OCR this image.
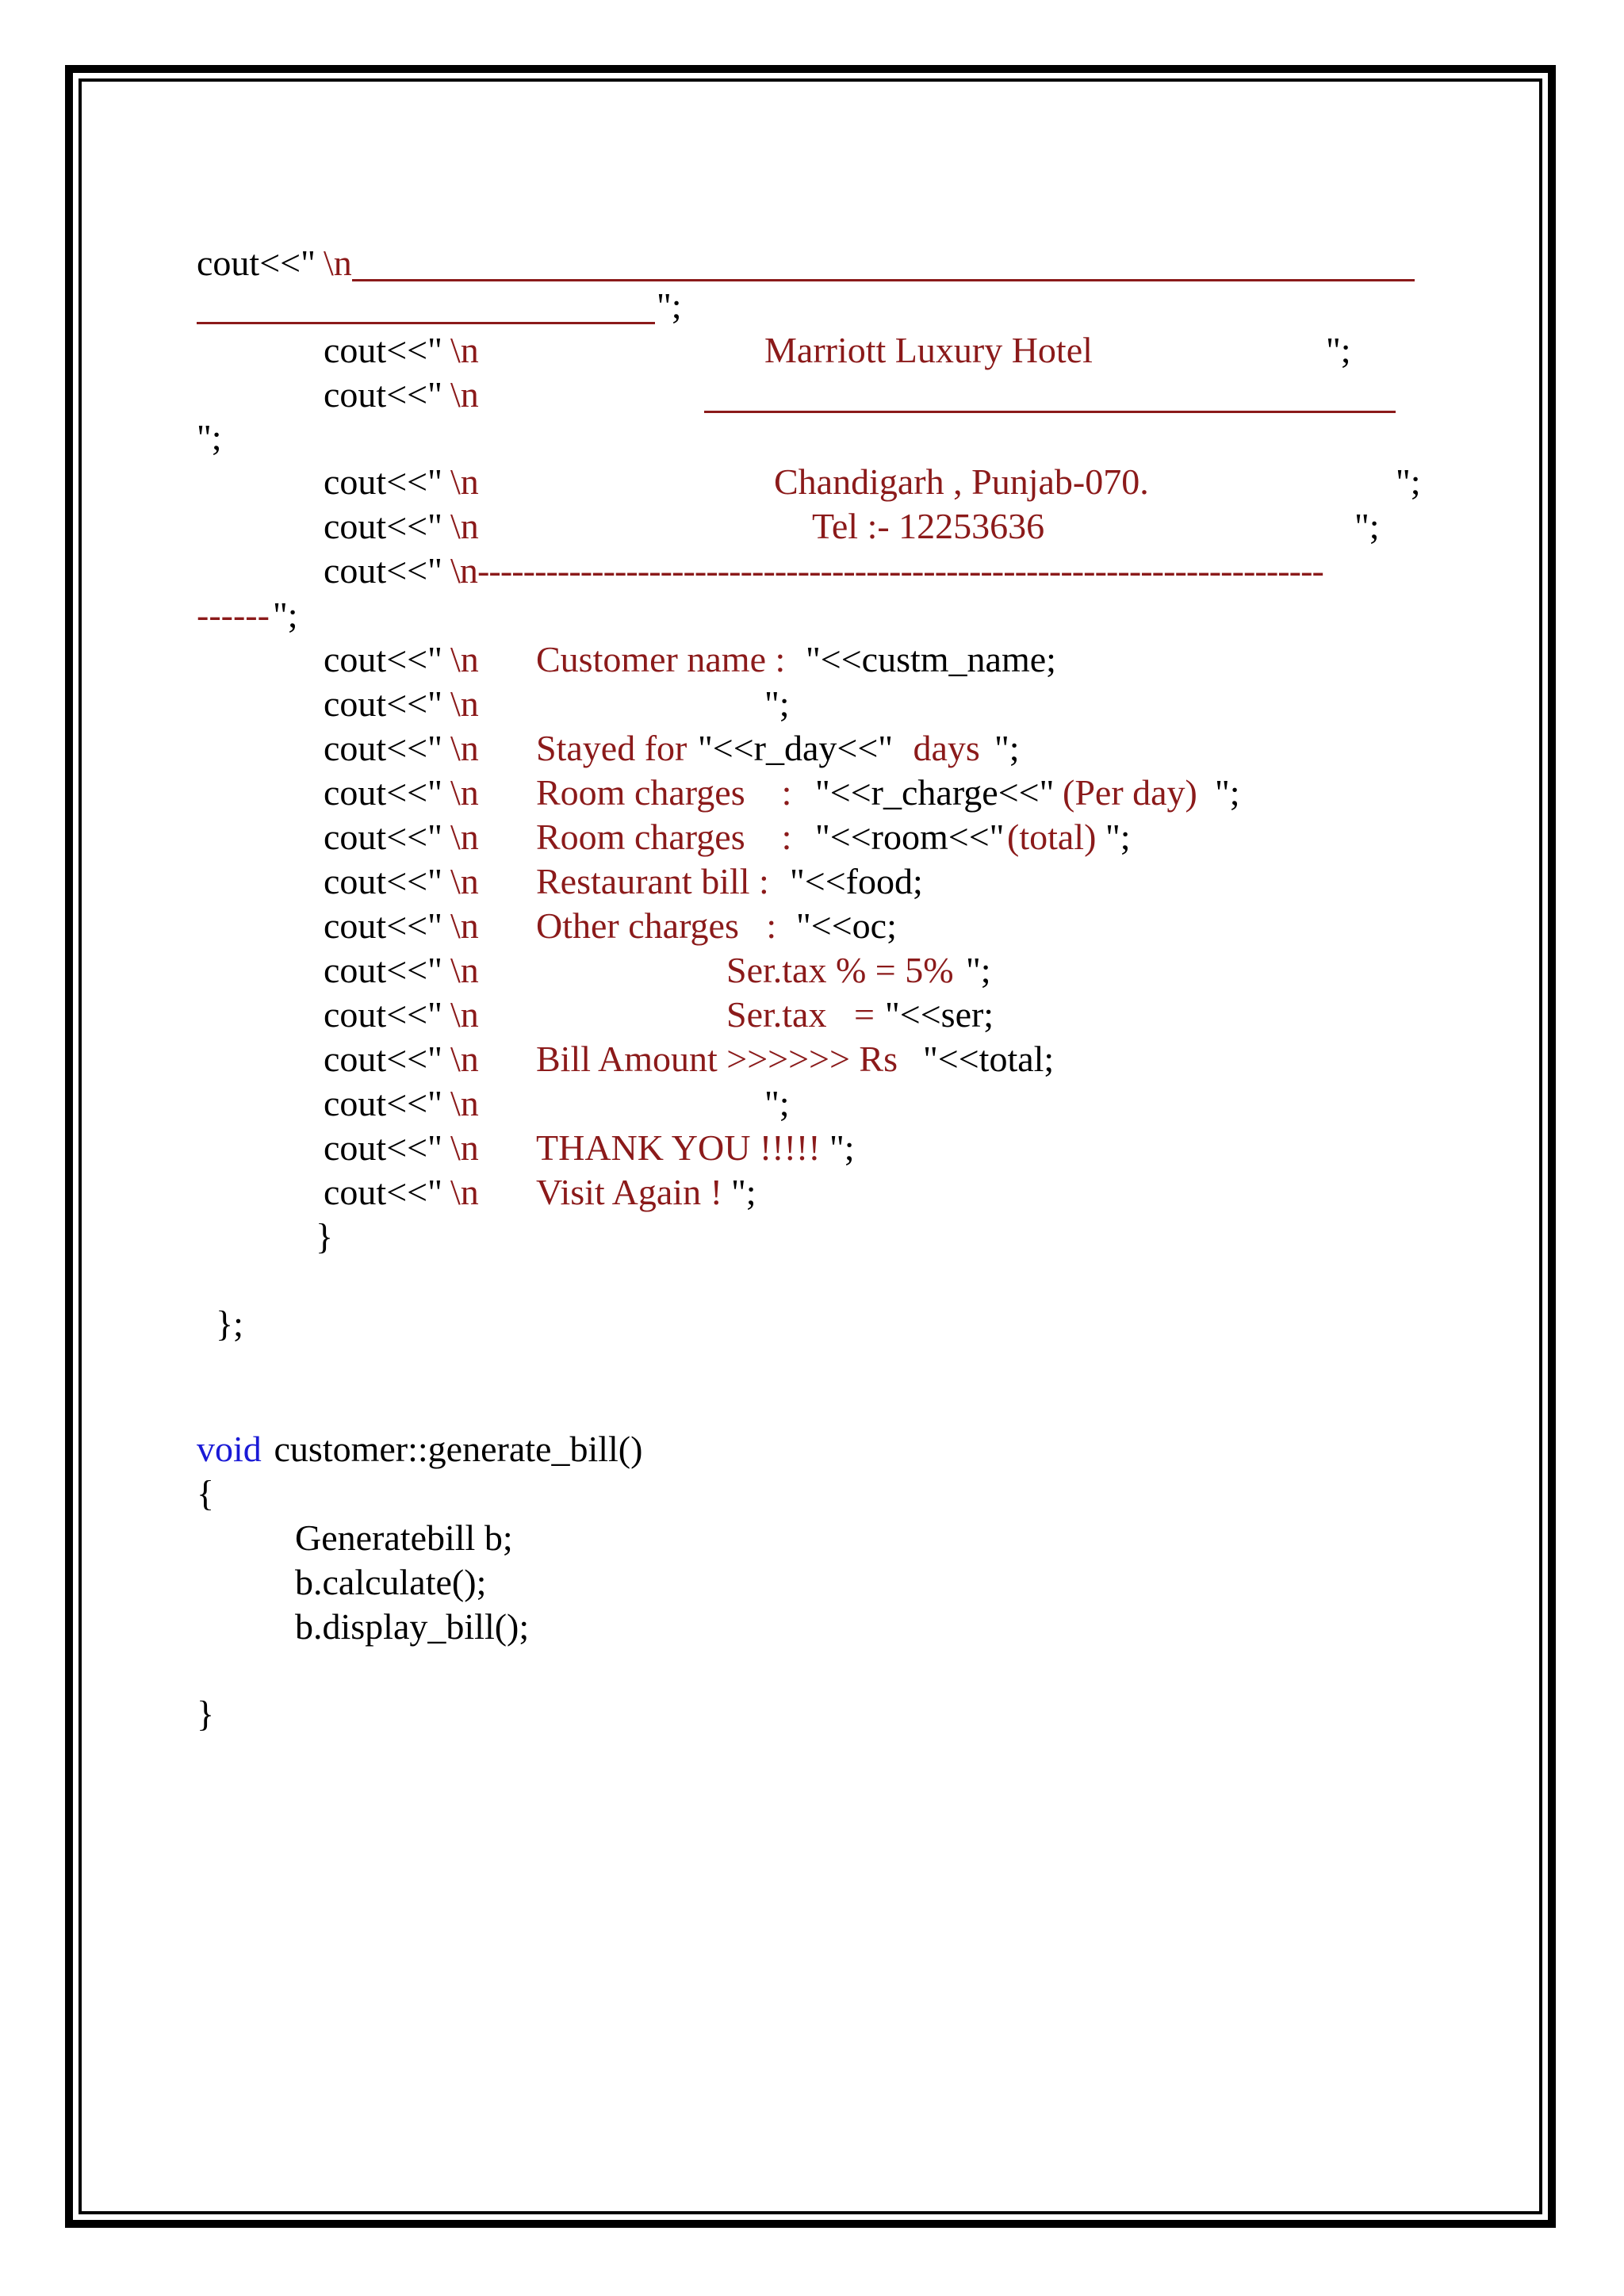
cout<<"

\n

";

cout<<"

\n

	Marriott Luxury Hotel

	";

cout<<"

\n

";

cout<<"

\n

	Chandigarh , Punjab-070.

	";

cout<<"

\n

	Tel :- 12253636

	";

cout<<"

\n--------------------------------------------------------------------------

------

";

cout<<"

\n

Customer name :

"<<custm_name;

cout<<"

\n

	";

cout<<"

\n

Stayed for

"<<r_day<<"

days

";

cout<<"

\n

Room charges    :

"<<r_charge<<"

(Per day)

";

cout<<"

\n

Room charges    :

"<<room<<"

(total)

";

cout<<"

\n

Restaurant bill :

"<<food;

cout<<"

\n

Other charges   :

"<<oc;

cout<<"

\n

	Ser.tax % = 5%

";

cout<<"

\n

	Ser.tax   =

"<<ser;

cout<<"

\n

Bill Amount >>>>>> Rs

"<<total;

cout<<"

\n

	";

cout<<"

\n

THANK YOU !!!!!

";

cout<<"

\n

Visit Again !

";

}

};

void

customer::generate_bill()

{

Generatebill b;

b.calculate();

b.display_bill();

}
